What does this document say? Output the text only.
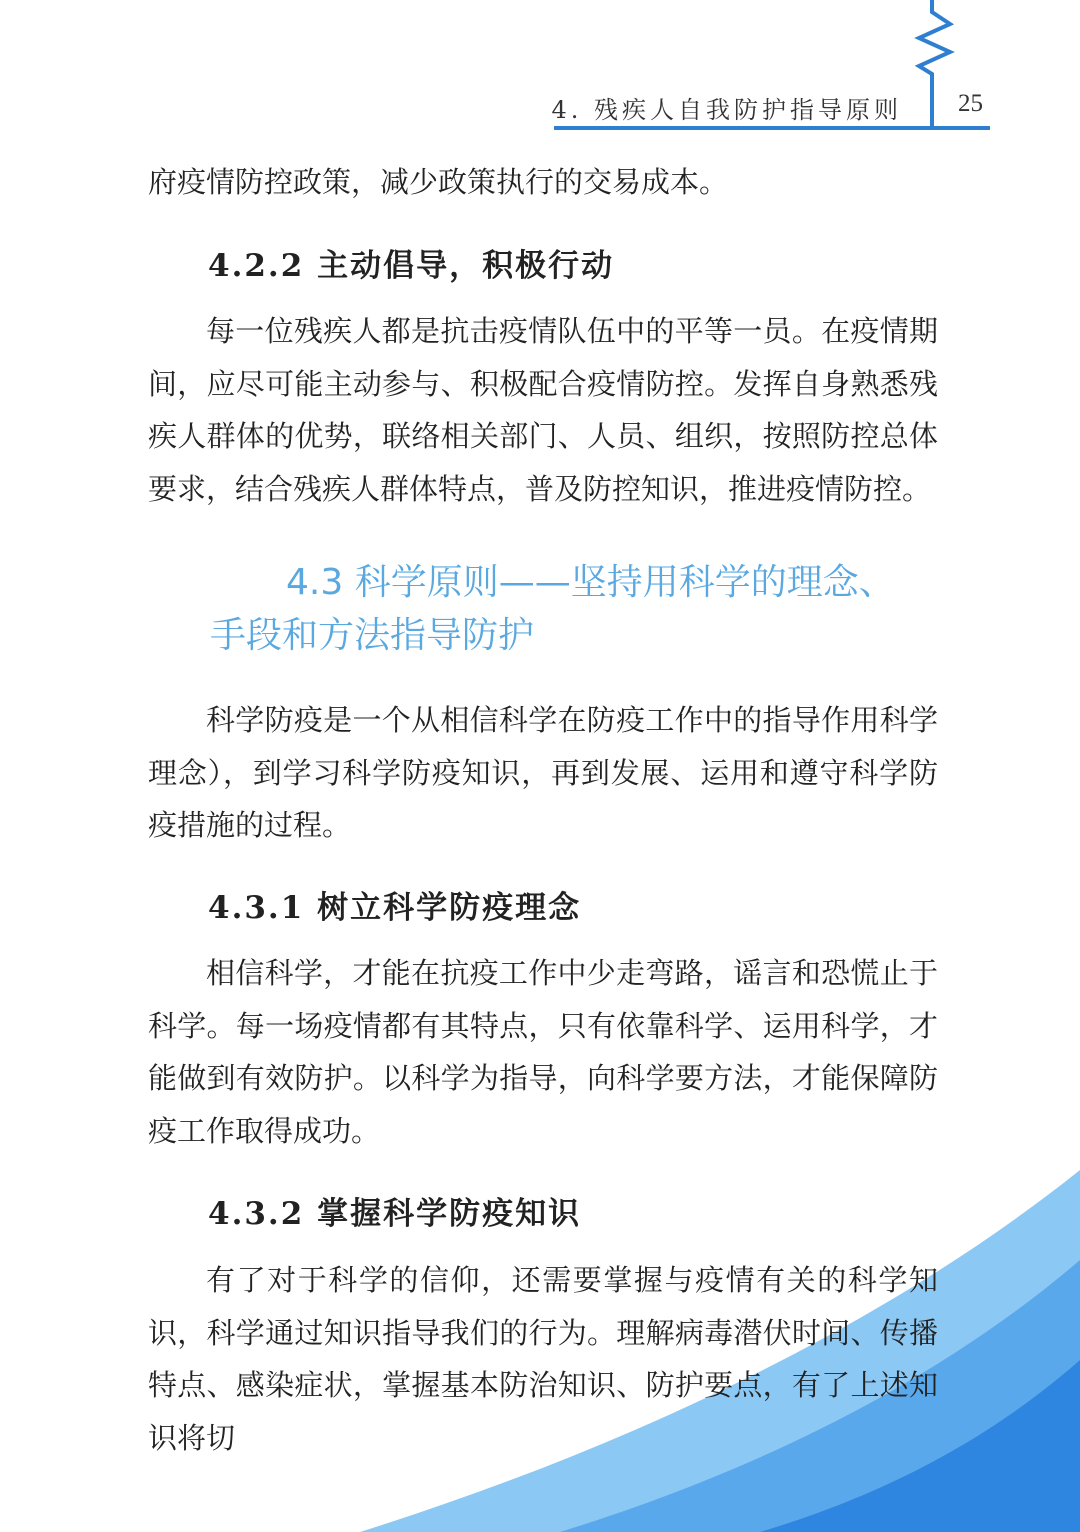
4. 残疾人自我防护指导原则 25

府疫情防控政策，减少政策执行的交易成本。

4.2.2 主动倡导，积极行动

每一位残疾人都是抗击疫情队伍中的平等一员。在疫情期间，应尽可能主动参与、积极配合疫情防控。发挥自身熟悉残疾人群体的优势，联络相关部门、人员、组织，按照防控总体要求，结合残疾人群体特点，普及防控知识，推进疫情防控。

4.3 科学原则——坚持用科学的理念、
手段和方法指导防护

科学防疫是一个从相信科学在防疫工作中的指导作用科学理念），到学习科学防疫知识，再到发展、运用和遵守科学防疫措施的过程。

4.3.1 树立科学防疫理念

相信科学，才能在抗疫工作中少走弯路，谣言和恐慌止于科学。每一场疫情都有其特点，只有依靠科学、运用科学，才能做到有效防护。以科学为指导，向科学要方法，才能保障防疫工作取得成功。

4.3.2 掌握科学防疫知识

有了对于科学的信仰，还需要掌握与疫情有关的科学知识，科学通过知识指导我们的行为。理解病毒潜伏时间、传播特点、感染症状，掌握基本防治知识、防护要点，有了上述知识将切
